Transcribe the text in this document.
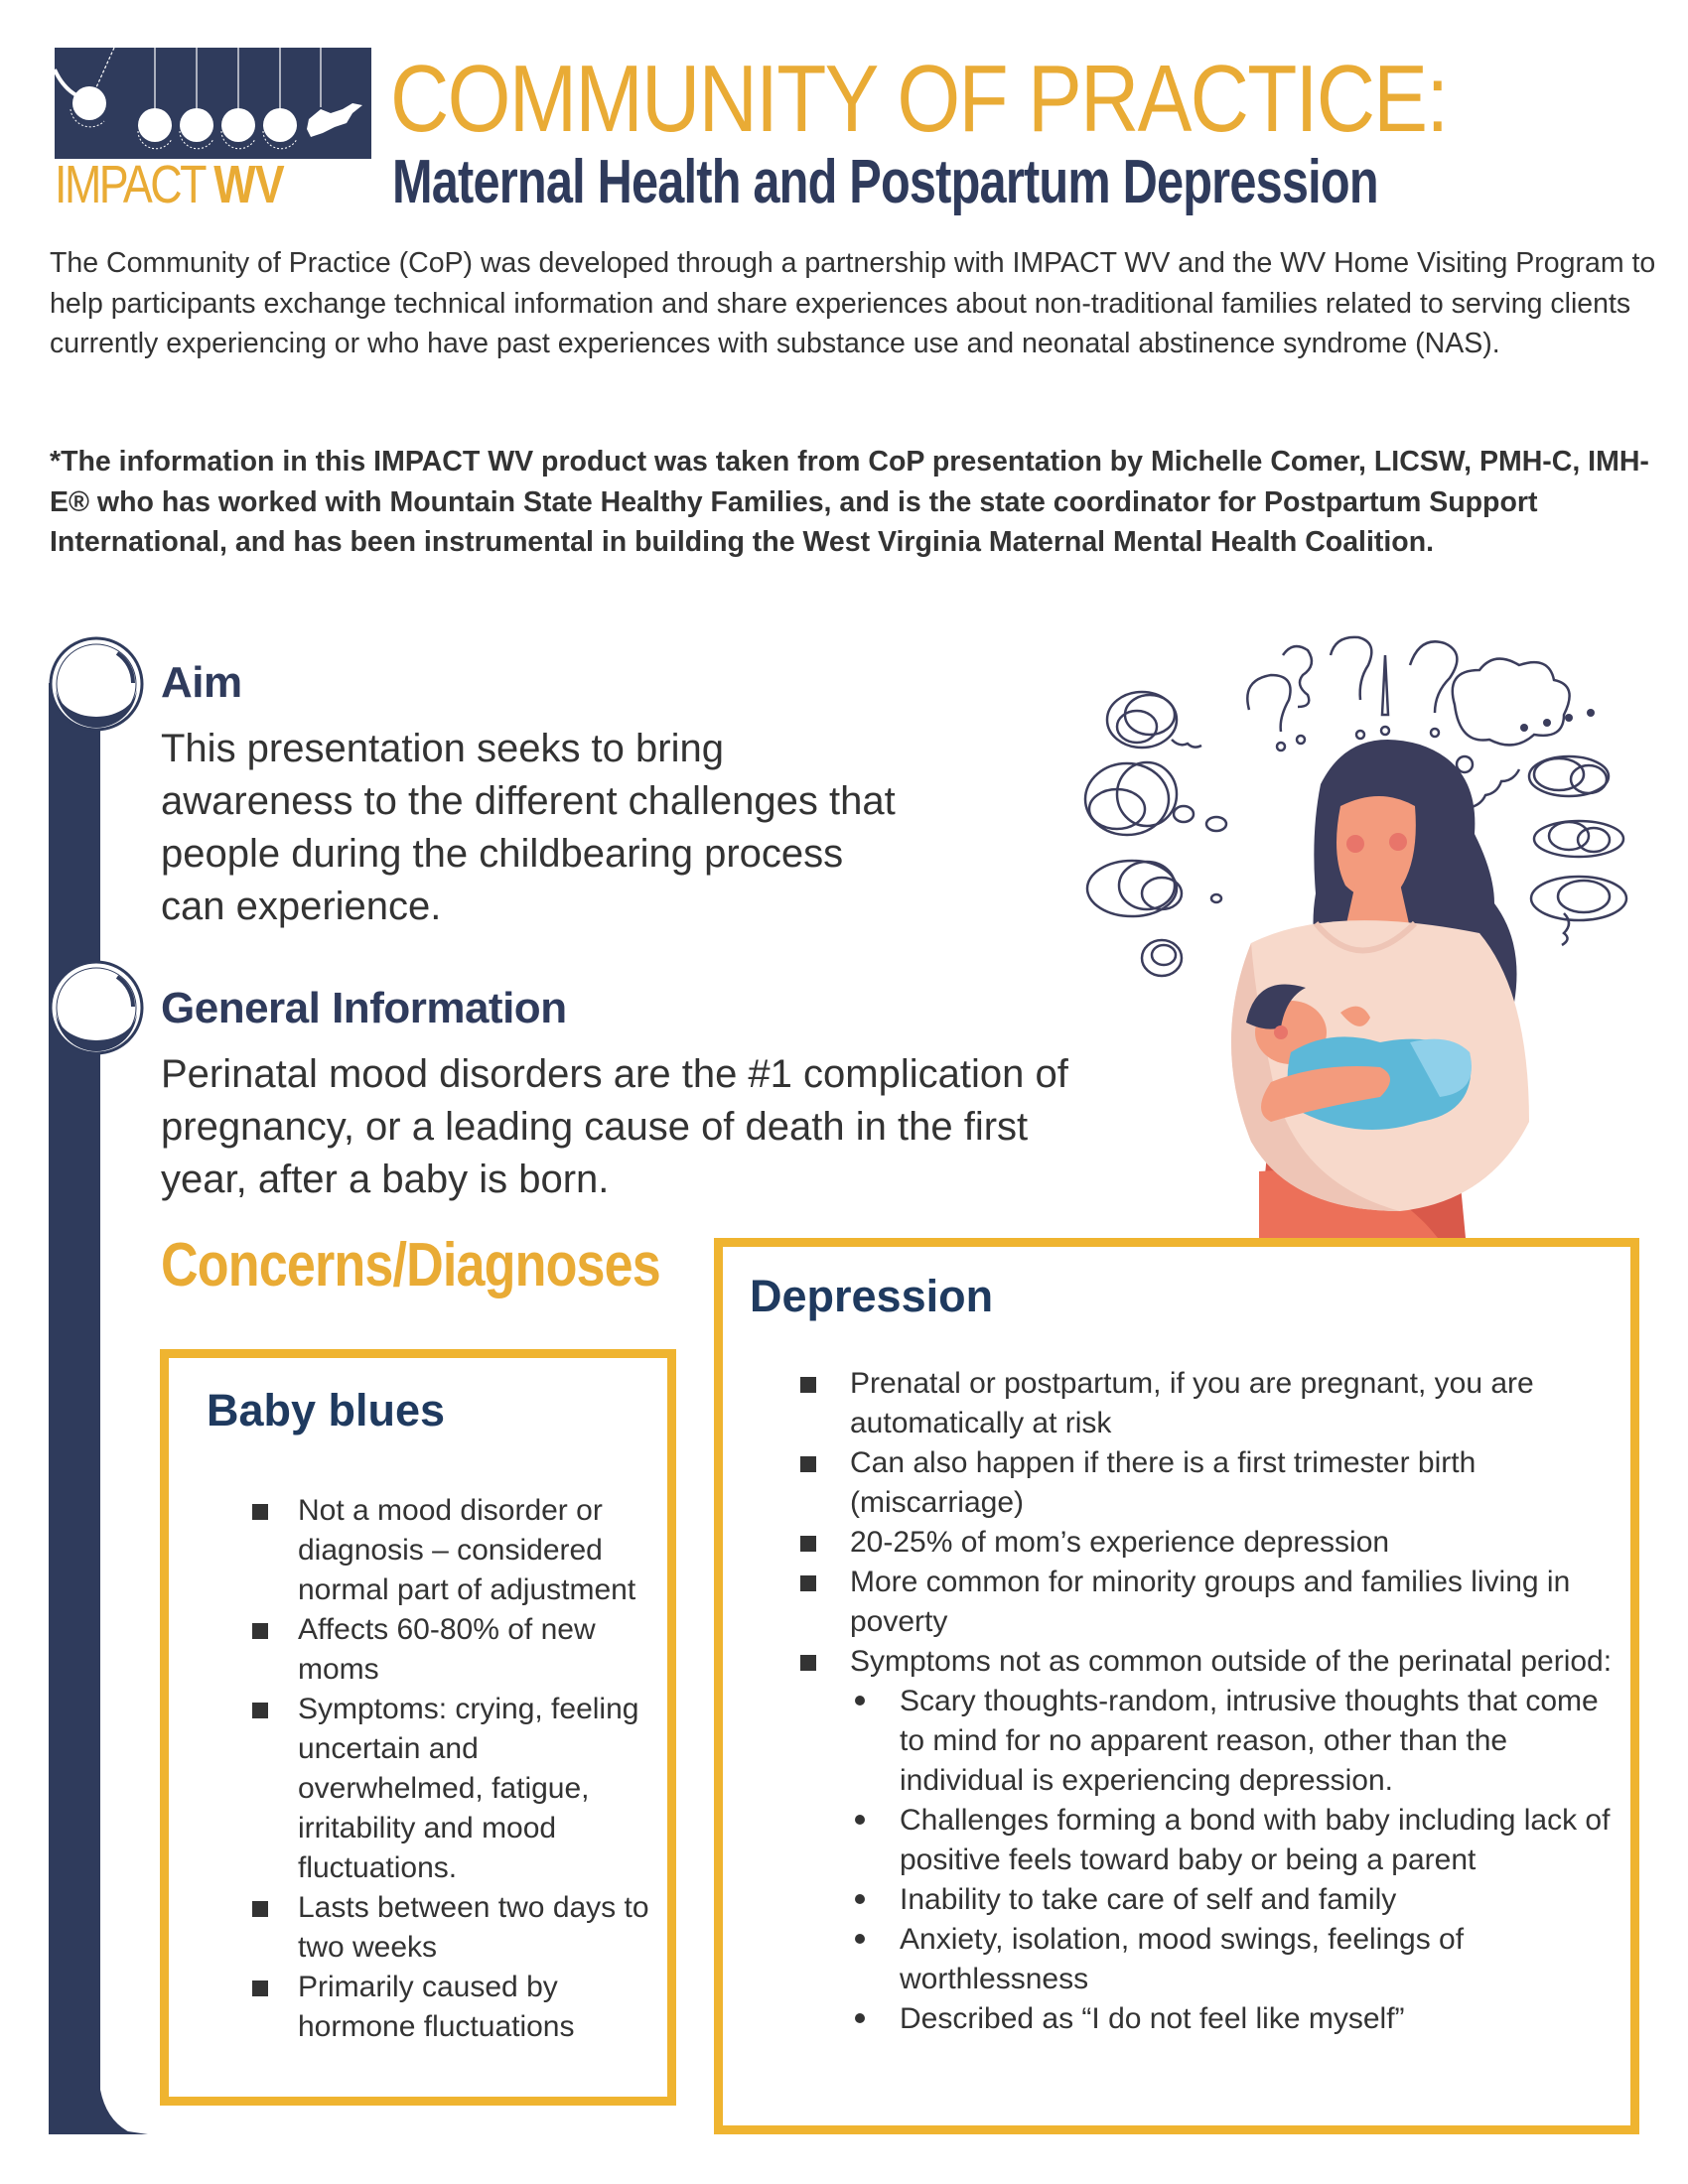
IMPACT WV
COMMUNITY OF PRACTICE:
Maternal Health and Postpartum Depression

The Community of Practice (CoP) was developed through a partnership with IMPACT WV and the WV Home Visiting Program to help participants exchange technical information and share experiences about non-traditional families related to serving clients currently experiencing or who have past experiences with substance use and neonatal abstinence syndrome (NAS).

*The information in this IMPACT WV product was taken from CoP presentation by Michelle Comer, LICSW, PMH-C, IMH-E® who has worked with Mountain State Healthy Families, and is the state coordinator for Postpartum Support International, and has been instrumental in building the West Virginia Maternal Mental Health Coalition.

Aim
This presentation seeks to bring
awareness to the different challenges that
people during the childbearing process
can experience.
General Information
Perinatal mood disorders are the #1 complication of
pregnancy, or a leading cause of death in the first
year, after a baby is born.
Concerns/Diagnoses
Baby blues
Not a mood disorder or diagnosis – considered normal part of adjustment
Affects 60-80% of new moms
Symptoms: crying, feeling uncertain and overwhelmed, fatigue, irritability and mood fluctuations.
Lasts between two days to two weeks
Primarily caused by hormone fluctuations
Depression
Prenatal or postpartum, if you are pregnant, you are automatically at risk
Can also happen if there is a first trimester birth (miscarriage)
20-25% of mom’s experience depression
More common for minority groups and families living in poverty
Symptoms not as common outside of the perinatal period:
Scary thoughts-random, intrusive thoughts that come to mind for no apparent reason, other than the individual is experiencing depression.
Challenges forming a bond with baby including lack of positive feels toward baby or being a parent
Inability to take care of self and family
Anxiety, isolation, mood swings, feelings of worthlessness
Described as “I do not feel like myself”
